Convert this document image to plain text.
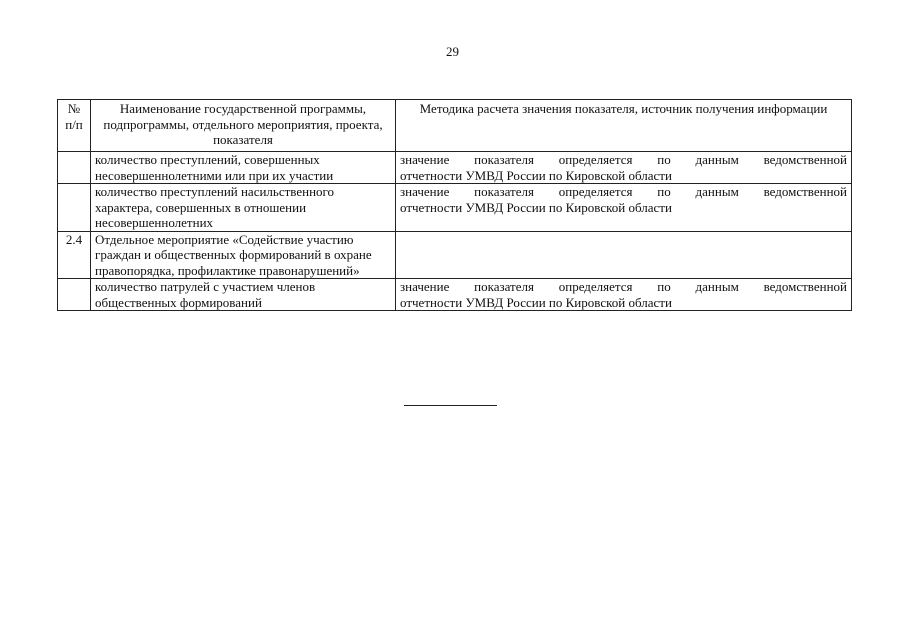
29
№ п/п	Наименование государственной программы, подпрограммы, отдельного мероприятия, проекта, показателя	Методика расчета значения показателя, источник получения информации
	количество преступлений, совершенных несовершеннолетними или при их участии	значение показателя определяется по данным ведомственной
отчетности УМВД России по Кировской области

	количество преступлений насильственного характера, совершенных в отношении несовершеннолетних	значение показателя определяется по данным ведомственной
отчетности УМВД России по Кировской области

2.4	Отдельное мероприятие «Содействие участию граждан и общественных формирований в охране правопорядка, профилактике правонарушений»	

	количество патрулей с участием членов общественных формирований	значение показателя определяется по данным ведомственной
отчетности УМВД России по Кировской области
